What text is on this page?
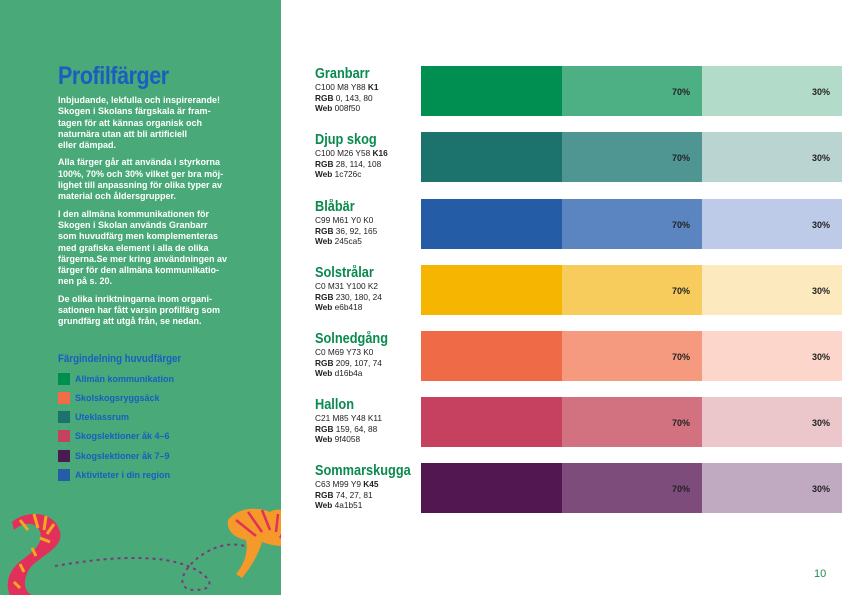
Profilfärger

Inbjudande, lekfulla och inspirerande!
Skogen i Skolans färgskala är fram-
tagen för att kännas organisk och
naturnära utan att bli artificiell
eller dämpad.

Alla färger går att använda i styrkorna
100%, 70% och 30% vilket ger bra möj-
lighet till anpassning för olika typer av
material och åldersgrupper.

I den allmäna kommunikationen för
Skogen i Skolan används Granbarr
som huvudfärg men komplementeras
med grafiska element i alla de olika
färgerna.Se mer kring användningen av
färger för den allmäna kommunikatio-
nen på s. 20.

De olika inriktningarna inom organi-
sationen har fått varsin profilfärg som
grundfärg att utgå från, se nedan.

Färgindelning huvudfärger
Allmän kommunikation
Skolskogsryggsäck
Uteklassrum
Skogslektioner åk 4–6
Skogslektioner åk 7–9
Aktiviteter i din region
Granbarr
C100 M8 Y88 K1
RGB 0, 143, 80
Web 008f50
70%	30%
Djup skog
C100 M26 Y58 K16
RGB 28, 114, 108
Web 1c726c
70%	30%
Blåbär
C99 M61 Y0 K0
RGB 36, 92, 165
Web 245ca5
70%	30%
Solstrålar
C0 M31 Y100 K2
RGB 230, 180, 24
Web e6b418
70%	30%
Solnedgång
C0 M69 Y73 K0
RGB 209, 107, 74
Web d16b4a
70%	30%
Hallon
C21 M85 Y48 K11
RGB 159, 64, 88
Web 9f4058
70%	30%
Sommarskugga
C63 M99 Y9 K45
RGB 74, 27, 81
Web 4a1b51
70%	30%
10
